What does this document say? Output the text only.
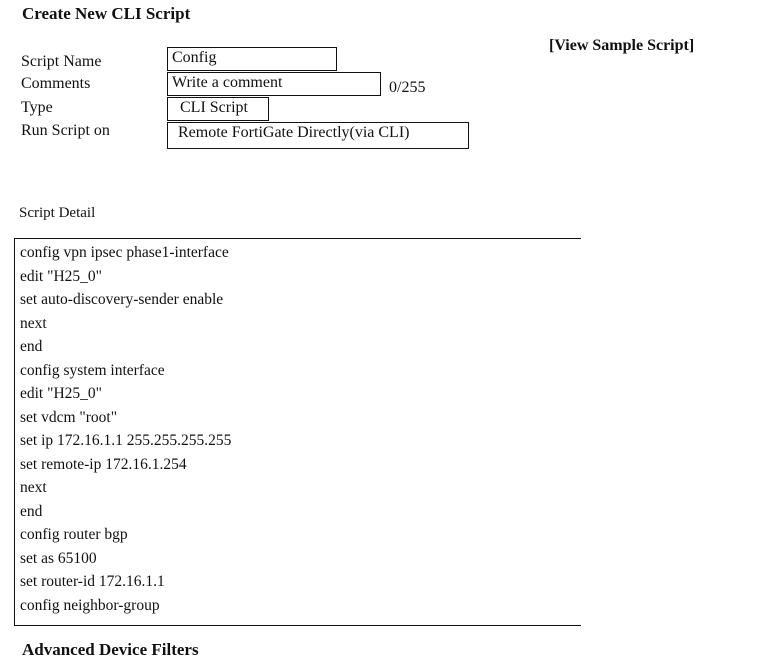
Create New CLI Script
[View Sample Script]
Script Name	Config
Comments	Write a comment	0/255
Type	CLI Script
Run Script on	Remote FortiGate Directly(via CLI)
Script Detail
config vpn ipsec phase1-interface
edit "H25_0"
set auto-discovery-sender enable
next
end
config system interface
edit "H25_0"
set vdcm "root"
set ip 172.16.1.1 255.255.255.255
set remote-ip 172.16.1.254
next
end
config router bgp
set as 65100
set router-id 172.16.1.1
config neighbor-group
Advanced Device Filters
